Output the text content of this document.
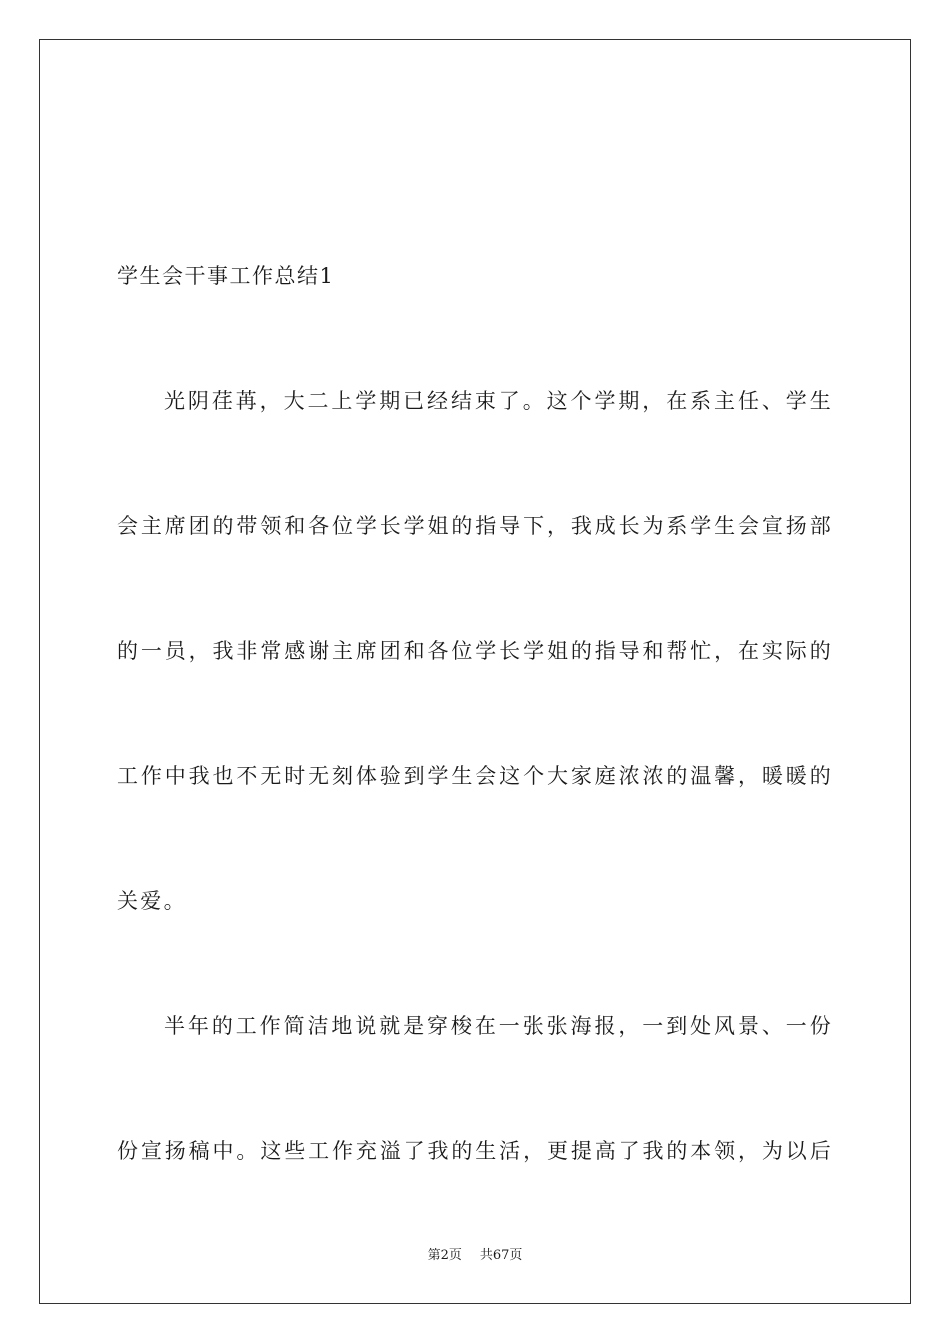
学生会干事工作总结1
光阴荏苒，大二上学期已经结束了。这个学期，在系主任、学生
会主席团的带领和各位学长学姐的指导下，我成长为系学生会宣扬部
的一员，我非常感谢主席团和各位学长学姐的指导和帮忙，在实际的
工作中我也不无时无刻体验到学生会这个大家庭浓浓的温馨，暖暖的
关爱。
半年的工作简洁地说就是穿梭在一张张海报，一到处风景、一份
份宣扬稿中。这些工作充溢了我的生活，更提高了我的本领，为以后
第2页 共67页
